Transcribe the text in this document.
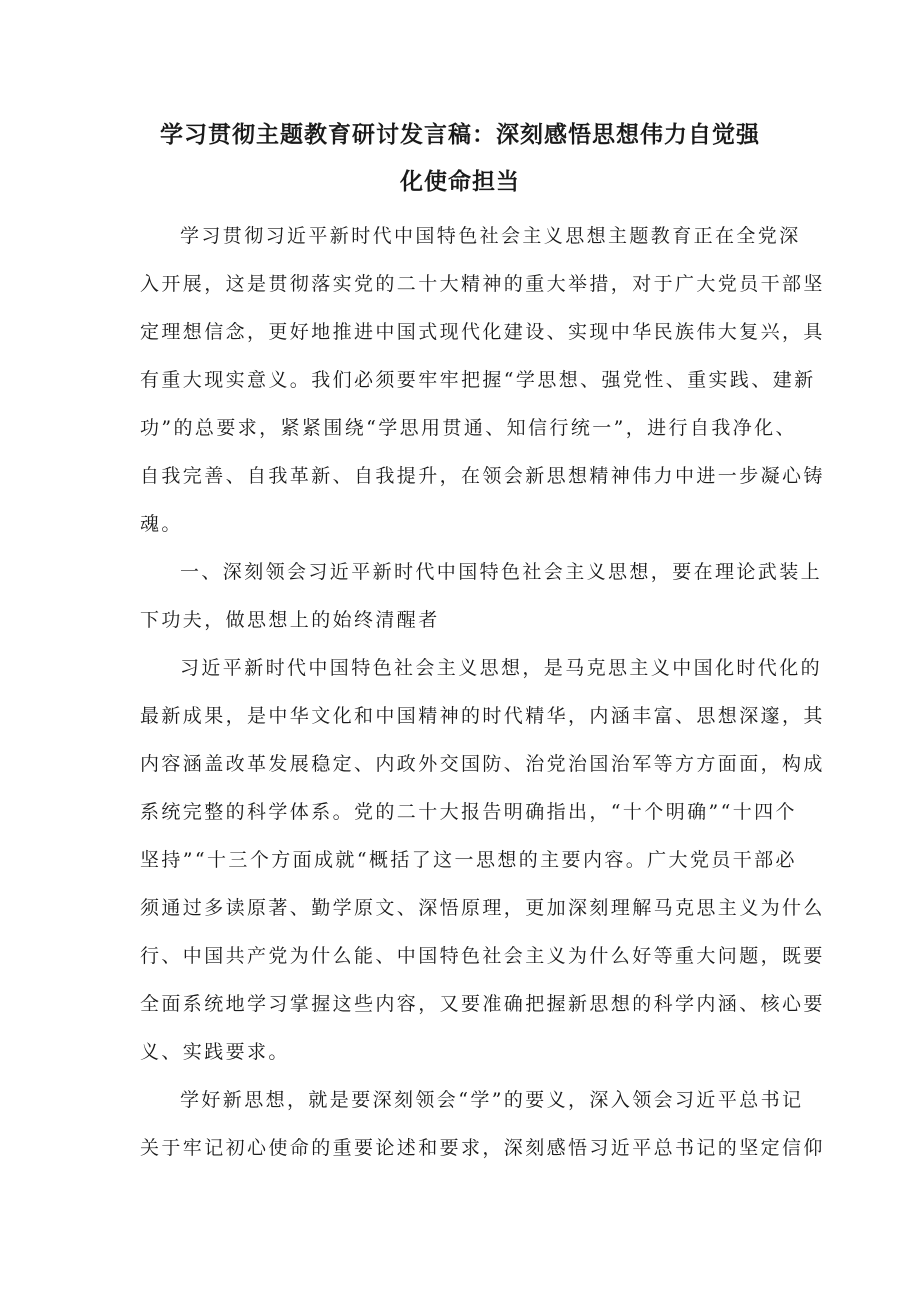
学习贯彻主题教育研讨发言稿：深刻感悟思想伟力自觉强
化使命担当
学习贯彻习近平新时代中国特色社会主义思想主题教育正在全党深
入开展，这是贯彻落实党的二十大精神的重大举措，对于广大党员干部坚
定理想信念，更好地推进中国式现代化建设、实现中华民族伟大复兴，具
有重大现实意义。我们必须要牢牢把握“学思想、强党性、重实践、建新
功”的总要求，紧紧围绕“学思用贯通、知信行统一”，进行自我净化、
自我完善、自我革新、自我提升，在领会新思想精神伟力中进一步凝心铸
魂。
一、深刻领会习近平新时代中国特色社会主义思想，要在理论武装上
下功夫，做思想上的始终清醒者
习近平新时代中国特色社会主义思想，是马克思主义中国化时代化的
最新成果，是中华文化和中国精神的时代精华，内涵丰富、思想深邃，其
内容涵盖改革发展稳定、内政外交国防、治党治国治军等方方面面，构成
系统完整的科学体系。党的二十大报告明确指出，“十个明确”“十四个
坚持”“十三个方面成就“概括了这一思想的主要内容。广大党员干部必
须通过多读原著、勤学原文、深悟原理，更加深刻理解马克思主义为什么
行、中国共产党为什么能、中国特色社会主义为什么好等重大问题，既要
全面系统地学习掌握这些内容，又要准确把握新思想的科学内涵、核心要
义、实践要求。
学好新思想，就是要深刻领会“学”的要义，深入领会习近平总书记
关于牢记初心使命的重要论述和要求，深刻感悟习近平总书记的坚定信仰
